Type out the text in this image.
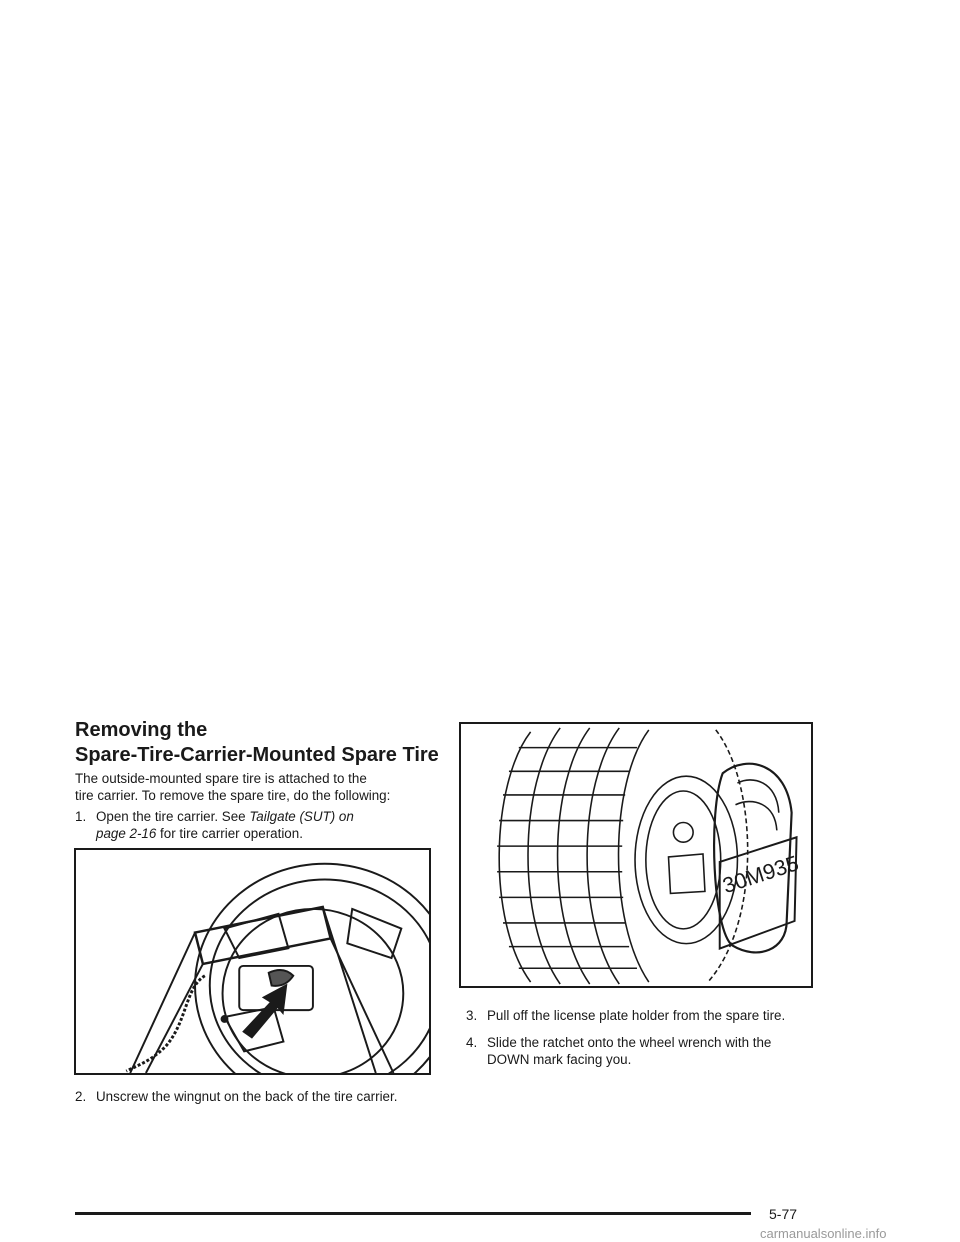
Removing the
Spare-Tire-Carrier-Mounted Spare Tire
The outside-mounted spare tire is attached to the
tire carrier. To remove the spare tire, do the following:
1. Open the tire carrier. See Tailgate (SUT) on
page 2-16 for tire carrier operation.
2. Unscrew the wingnut on the back of the tire carrier.
30M935
3. Pull off the license plate holder from the spare tire.
4. Slide the ratchet onto the wheel wrench with the
DOWN mark facing you.
5-77
carmanualsonline.info
